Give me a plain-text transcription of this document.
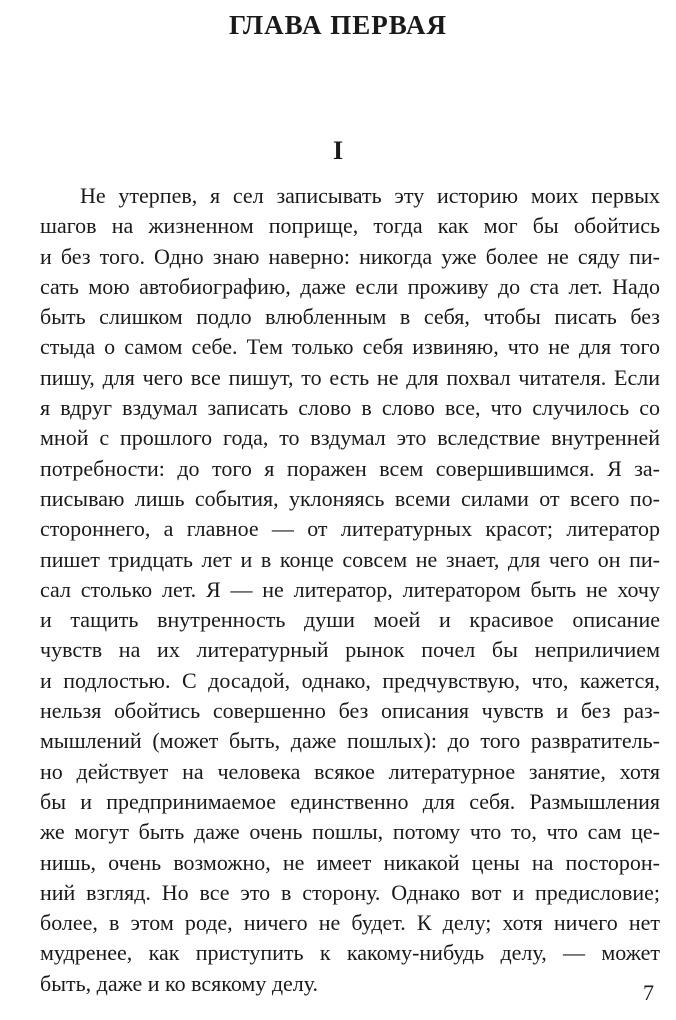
ГЛАВА ПЕРВАЯ
I
Не утерпев, я сел записывать эту историю моих первых
шагов на жизненном поприще, тогда как мог бы обойтись
и без того. Одно знаю наверно: никогда уже более не сяду пи-
сать мою автобиографию, даже если проживу до ста лет. Надо
быть слишком подло влюбленным в себя, чтобы писать без
стыда о самом себе. Тем только себя извиняю, что не для того
пишу, для чего все пишут, то есть не для похвал читателя. Если
я вдруг вздумал записать слово в слово все, что случилось со
мной с прошлого года, то вздумал это вследствие внутренней
потребности: до того я поражен всем совершившимся. Я за-
писываю лишь события, уклоняясь всеми силами от всего по-
стороннего, а главное — от литературных красот; литератор
пишет тридцать лет и в конце совсем не знает, для чего он пи-
сал столько лет. Я — не литератор, литератором быть не хочу
и тащить внутренность души моей и красивое описание
чувств на их литературный рынок почел бы неприличием
и подлостью. С досадой, однако, предчувствую, что, кажется,
нельзя обойтись совершенно без описания чувств и без раз-
мышлений (может быть, даже пошлых): до того развратитель-
но действует на человека всякое литературное занятие, хотя
бы и предпринимаемое единственно для себя. Размышления
же могут быть даже очень пошлы, потому что то, что сам це-
нишь, очень возможно, не имеет никакой цены на посторон-
ний взгляд. Но все это в сторону. Однако вот и предисловие;
более, в этом роде, ничего не будет. К делу; хотя ничего нет
мудренее, как приступить к какому-нибудь делу, — может
быть, даже и ко всякому делу.	7
